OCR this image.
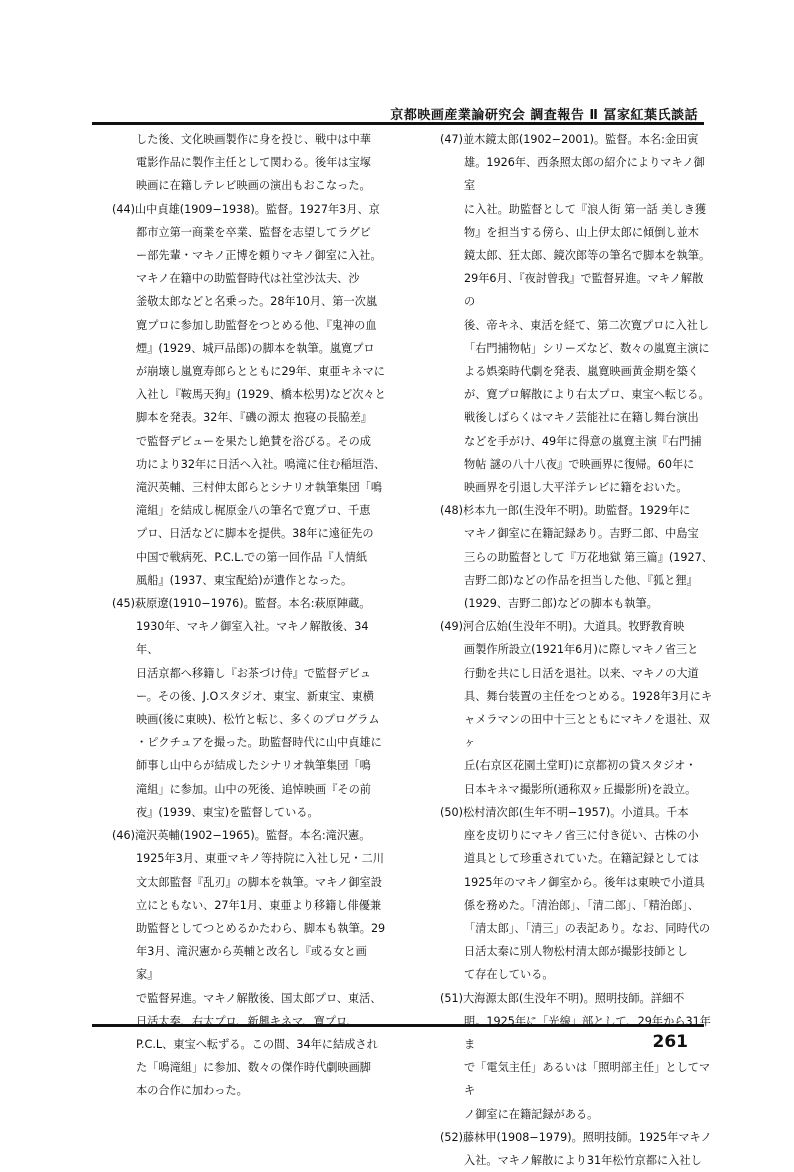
京都映画産業論研究会 調査報告 Ⅱ 冨家紅葉氏談話

した後、文化映画製作に身を投じ、戦中は中華
電影作品に製作主任として関わる。後年は宝塚
映画に在籍しテレビ映画の演出もおこなった。

(44)山中貞雄(1909−1938)。監督。1927年3月、京
都市立第一商業を卒業、監督を志望してラグビ
ー部先輩・マキノ正博を頼りマキノ御室に入社。
マキノ在籍中の助監督時代は社堂沙汰夫、沙
釜敬太郎などと名乗った。28年10月、第一次嵐
寛プロに参加し助監督をつとめる他、『鬼神の血
煙』(1929、城戸品郎)の脚本を執筆。嵐寛プロ
が崩壊し嵐寛寿郎らとともに29年、東亜キネマに
入社し『鞍馬天狗』(1929、橋本松男)など次々と
脚本を発表。32年、『磯の源太 抱寝の長脇差』
で監督デビューを果たし絶賛を浴びる。その成
功により32年に日活へ入社。鳴滝に住む稲垣浩、
滝沢英輔、三村伸太郎らとシナリオ執筆集団「鳴
滝組」を結成し梶原金八の筆名で寛プロ、千恵
プロ、日活などに脚本を提供。38年に遠征先の
中国で戦病死、P.C.L.での第一回作品『人情紙
風船』(1937、東宝配給)が遺作となった。

(45)萩原遼(1910−1976)。監督。本名:萩原陣蔵。
1930年、マキノ御室入社。マキノ解散後、34年、
日活京都へ移籍し『お茶づけ侍』で監督デビュ
ー。その後、J.Oスタジオ、東宝、新東宝、東横
映画(後に東映)、松竹と転じ、多くのプログラム
・ピクチュアを撮った。助監督時代に山中貞雄に
師事し山中らが結成したシナリオ執筆集団「鳴
滝組」に参加。山中の死後、追悼映画『その前
夜』(1939、東宝)を監督している。

(46)滝沢英輔(1902−1965)。監督。本名:滝沢憲。
1925年3月、東亜マキノ等持院に入社し兄・二川
文太郎監督『乱刃』の脚本を執筆。マキノ御室設
立にともない、27年1月、東亜より移籍し俳優兼
助監督としてつとめるかたわら、脚本も執筆。29
年3月、滝沢憲から英輔と改名し『或る女と画家』
で監督昇進。マキノ解散後、国太郎プロ、東活、
日活太秦、右太プロ、新興キネマ、寛プロ、
P.C.L、東宝へ転ずる。この間、34年に結成され
た「鳴滝組」に参加、数々の傑作時代劇映画脚
本の合作に加わった。

(47)並木鏡太郎(1902−2001)。監督。本名:金田寅
雄。1926年、西条照太郎の紹介によりマキノ御室
に入社。助監督として『浪人街 第一話 美しき獲
物』を担当する傍ら、山上伊太郎に傾倒し並木
鏡太郎、狂太郎、鏡次郎等の筆名で脚本を執筆。
29年6月、『夜討曾我』で監督昇進。マキノ解散の
後、帝キネ、東活を経て、第二次寛プロに入社し
「右門捕物帖」シリーズなど、数々の嵐寛主演に
よる娯楽時代劇を発表、嵐寛映画黄金期を築く
が、寛プロ解散により右太プロ、東宝へ転じる。
戦後しばらくはマキノ芸能社に在籍し舞台演出
などを手がけ、49年に得意の嵐寛主演『右門捕
物帖 謎の八十八夜』で映画界に復帰。60年に
映画界を引退し大平洋テレビに籍をおいた。

(48)杉本九一郎(生没年不明)。助監督。1929年に
マキノ御室に在籍記録あり。吉野二郎、中島宝
三らの助監督として『万花地獄 第三篇』(1927、
吉野二郎)などの作品を担当した他、『狐と狸』
(1929、吉野二郎)などの脚本も執筆。

(49)河合広始(生没年不明)。大道具。牧野教育映
画製作所設立(1921年6月)に際しマキノ省三と
行動を共にし日活を退社。以来、マキノの大道
具、舞台装置の主任をつとめる。1928年3月にキ
ャメラマンの田中十三とともにマキノを退社、双ヶ
丘(右京区花園土堂町)に京都初の貸スタジオ・
日本キネマ撮影所(通称双ヶ丘撮影所)を設立。

(50)松村清次郎(生年不明−1957)。小道具。千本
座を皮切りにマキノ省三に付き従い、古株の小
道具として珍重されていた。在籍記録としては
1925年のマキノ御室から。後年は東映で小道具
係を務めた。「清治郎」、「清二郎」、「精治郎」、
「清太郎」、「清三」の表記あり。なお、同時代の
日活太秦に別人物松村清太郎が撮影技師とし
て存在している。

(51)大海源太郎(生没年不明)。照明技師。詳細不
明。1925年に「光線」部として、29年から31年ま
で「電気主任」あるいは「照明部主任」としてマキ
ノ御室に在籍記録がある。

(52)藤林甲(1908−1979)。照明技師。1925年マキノ
入社。マキノ解散により31年松竹京都に入社し

261
